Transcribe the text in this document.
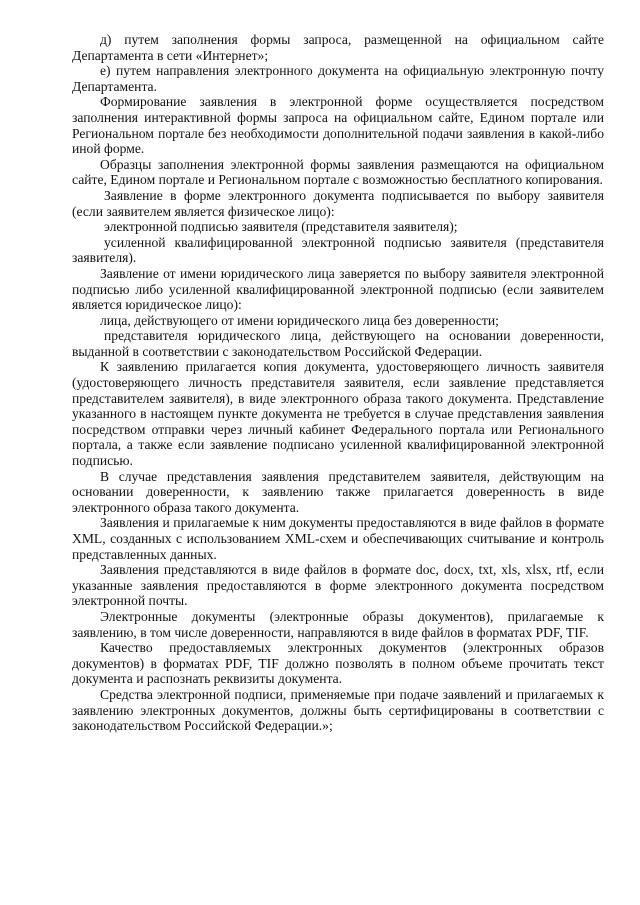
д) путем заполнения формы запроса, размещенной на официальном сайте Департамента в сети «Интернет»;

е) путем направления электронного документа на официальную электронную почту Департамента.

Формирование заявления в электронной форме осуществляется посредством заполнения интерактивной формы запроса на официальном сайте, Едином портале или Региональном портале без необходимости дополнительной подачи заявления в какой-либо иной форме.

Образцы заполнения электронной формы заявления размещаются на официальном сайте, Едином портале и Региональном портале с возможностью бесплатного копирования.

Заявление в форме электронного документа подписывается по выбору заявителя (если заявителем является физическое лицо):

электронной подписью заявителя (представителя заявителя);

усиленной квалифицированной электронной подписью заявителя (представителя заявителя).

Заявление от имени юридического лица заверяется по выбору заявителя электронной подписью либо усиленной квалифицированной электронной подписью (если заявителем является юридическое лицо):

лица, действующего от имени юридического лица без доверенности;

представителя юридического лица, действующего на основании доверенности, выданной в соответствии с законодательством Российской Федерации.

К заявлению прилагается копия документа, удостоверяющего личность заявителя (удостоверяющего личность представителя заявителя, если заявление представляется представителем заявителя), в виде электронного образа такого документа. Представление указанного в настоящем пункте документа не требуется в случае представления заявления посредством отправки через личный кабинет Федерального портала или Регионального портала, а также если заявление подписано усиленной квалифицированной электронной подписью.

В случае представления заявления представителем заявителя, действующим на основании доверенности, к заявлению также прилагается доверенность в виде электронного образа такого документа.

Заявления и прилагаемые к ним документы предоставляются в виде файлов в формате XML, созданных с использованием XML-схем и обеспечивающих считывание и контроль представленных данных.

Заявления представляются в виде файлов в формате doc, docx, txt, xls, xlsx, rtf, если указанные заявления предоставляются в форме электронного документа посредством электронной почты.

Электронные документы (электронные образы документов), прилагаемые к заявлению, в том числе доверенности, направляются в виде файлов в форматах PDF, TIF.

Качество предоставляемых электронных документов (электронных образов документов) в форматах PDF, TIF должно позволять в полном объеме прочитать текст документа и распознать реквизиты документа.

Средства электронной подписи, применяемые при подаче заявлений и прилагаемых к заявлению электронных документов, должны быть сертифицированы в соответствии с законодательством Российской Федерации.»;
